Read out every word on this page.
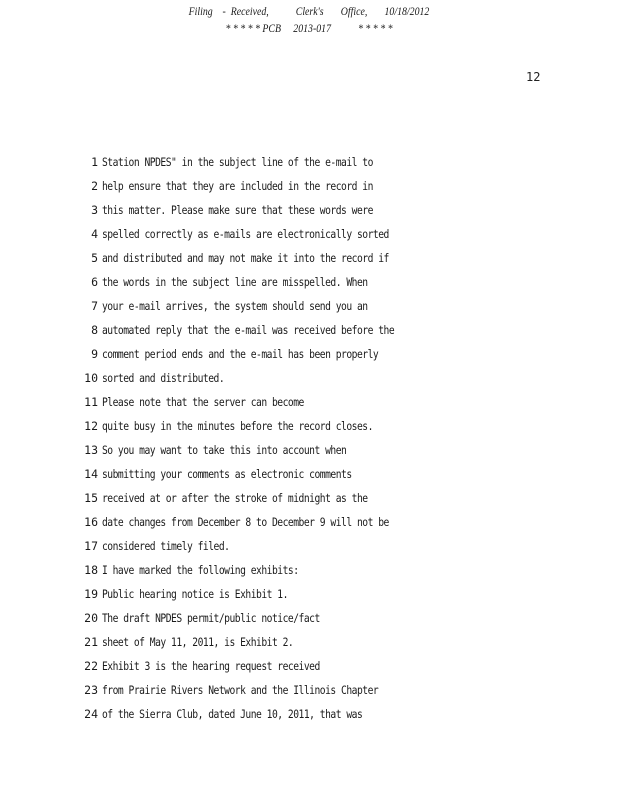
Filing    -  Received,           Clerk's       Office,       10/18/2012
* * * * * PCB     2013-017           * * * * *
12
1 Station NPDES" in the subject line of the e-mail to
2 help ensure that they are included in the record in
3 this matter. Please make sure that these words were
4 spelled correctly as e-mails are electronically sorted
5 and distributed and may not make it into the record if
6 the words in the subject line are misspelled. When
7 your e-mail arrives, the system should send you an
8 automated reply that the e-mail was received before the
9 comment period ends and the e-mail has been properly
10 sorted and distributed.
11 Please note that the server can become
12 quite busy in the minutes before the record closes.
13 So you may want to take this into account when
14 submitting your comments as electronic comments
15 received at or after the stroke of midnight as the
16 date changes from December 8 to December 9 will not be
17 considered timely filed.
18 I have marked the following exhibits:
19 Public hearing notice is Exhibit 1.
20 The draft NPDES permit/public notice/fact
21 sheet of May 11, 2011, is Exhibit 2.
22 Exhibit 3 is the hearing request received
23 from Prairie Rivers Network and the Illinois Chapter
24 of the Sierra Club, dated June 10, 2011, that was
